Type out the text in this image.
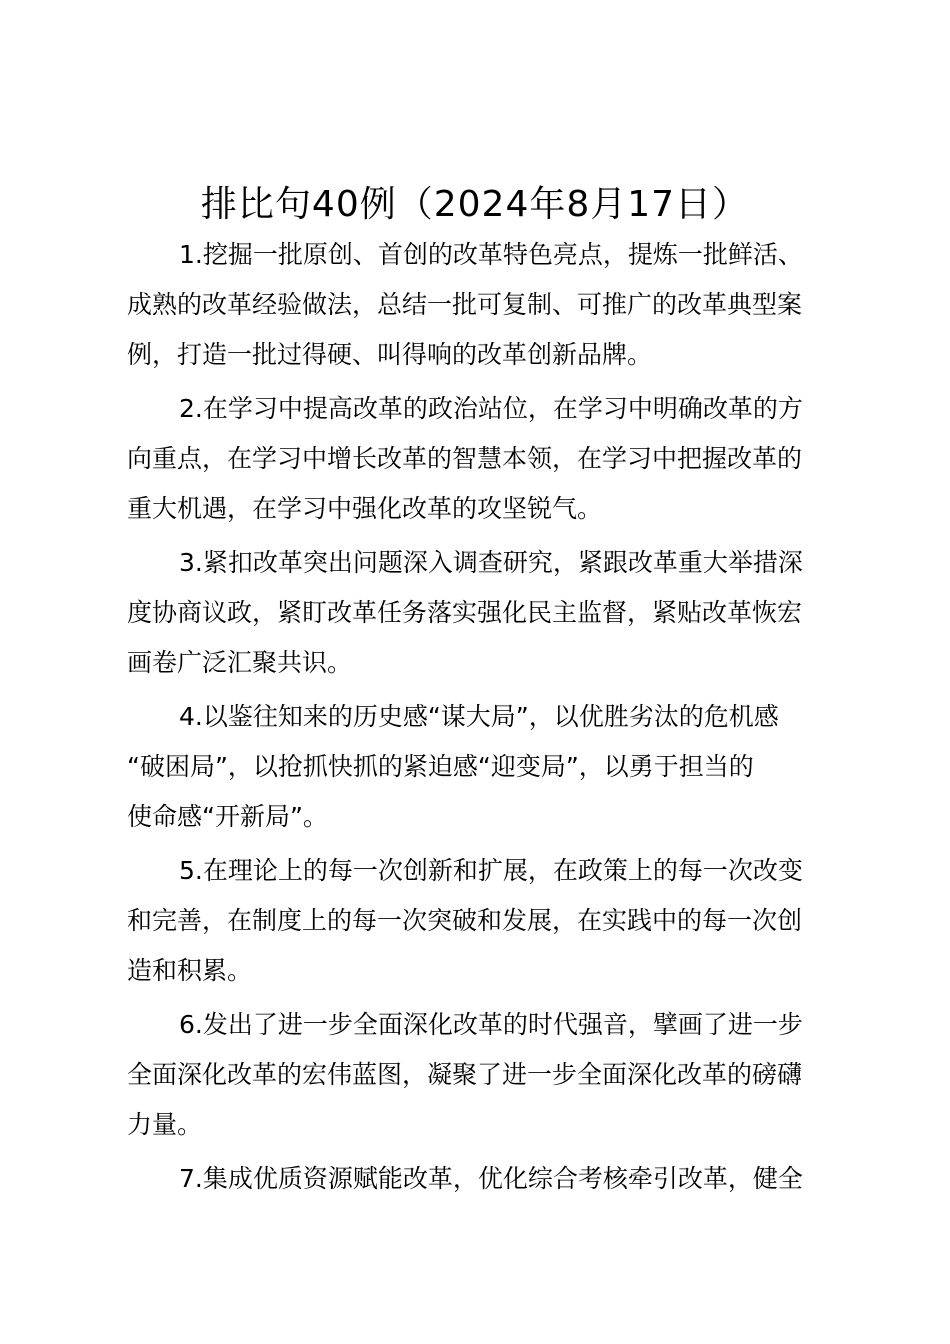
排比句40例（2024年8月17日）

1.挖掘一批原创、首创的改革特色亮点，提炼一批鲜活、
成熟的改革经验做法，总结一批可复制、可推广的改革典型案
例，打造一批过得硬、叫得响的改革创新品牌。

2.在学习中提高改革的政治站位，在学习中明确改革的方
向重点，在学习中增长改革的智慧本领，在学习中把握改革的
重大机遇，在学习中强化改革的攻坚锐气。

3.紧扣改革突出问题深入调查研究，紧跟改革重大举措深
度协商议政，紧盯改革任务落实强化民主监督，紧贴改革恢宏
画卷广泛汇聚共识。

4.以鉴往知来的历史感“谋大局”，以优胜劣汰的危机感
“破困局”，以抢抓快抓的紧迫感“迎变局”，以勇于担当的
使命感“开新局”。

5.在理论上的每一次创新和扩展，在政策上的每一次改变
和完善，在制度上的每一次突破和发展，在实践中的每一次创
造和积累。

6.发出了进一步全面深化改革的时代强音，擘画了进一步
全面深化改革的宏伟蓝图，凝聚了进一步全面深化改革的磅礴
力量。

7.集成优质资源赋能改革，优化综合考核牵引改革，健全
